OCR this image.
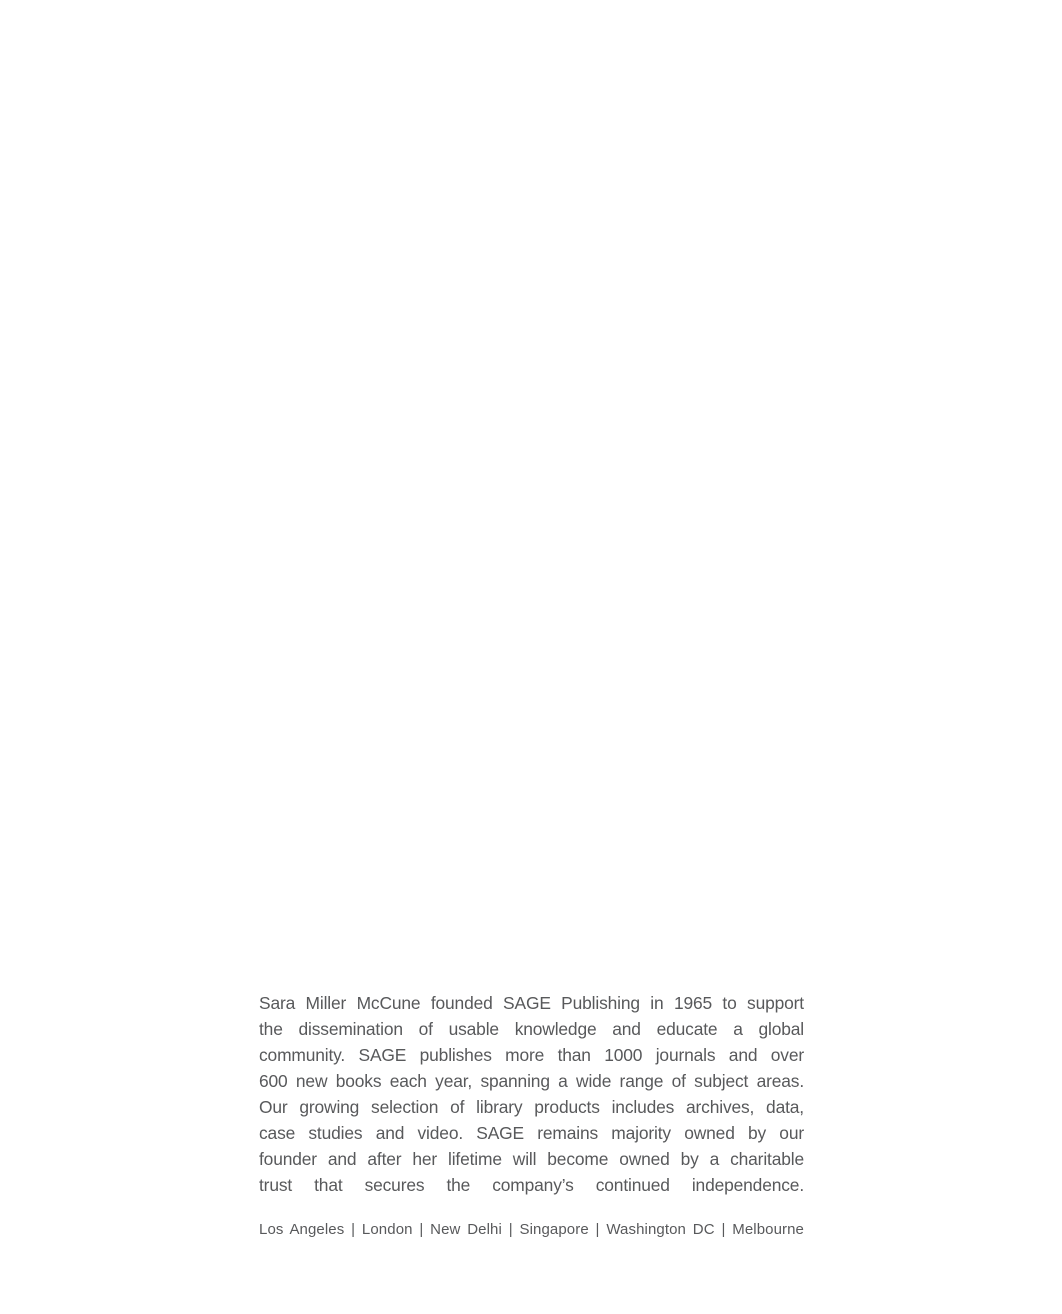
Sara Miller McCune founded SAGE Publishing in 1965 to support
the dissemination of usable knowledge and educate a global
community. SAGE publishes more than 1000 journals and over
600 new books each year, spanning a wide range of subject areas.
Our growing selection of library products includes archives, data,
case studies and video. SAGE remains majority owned by our
founder and after her lifetime will become owned by a charitable
trust that secures the company’s continued independence.

Los Angeles | London | New Delhi | Singapore | Washington DC | Melbourne
